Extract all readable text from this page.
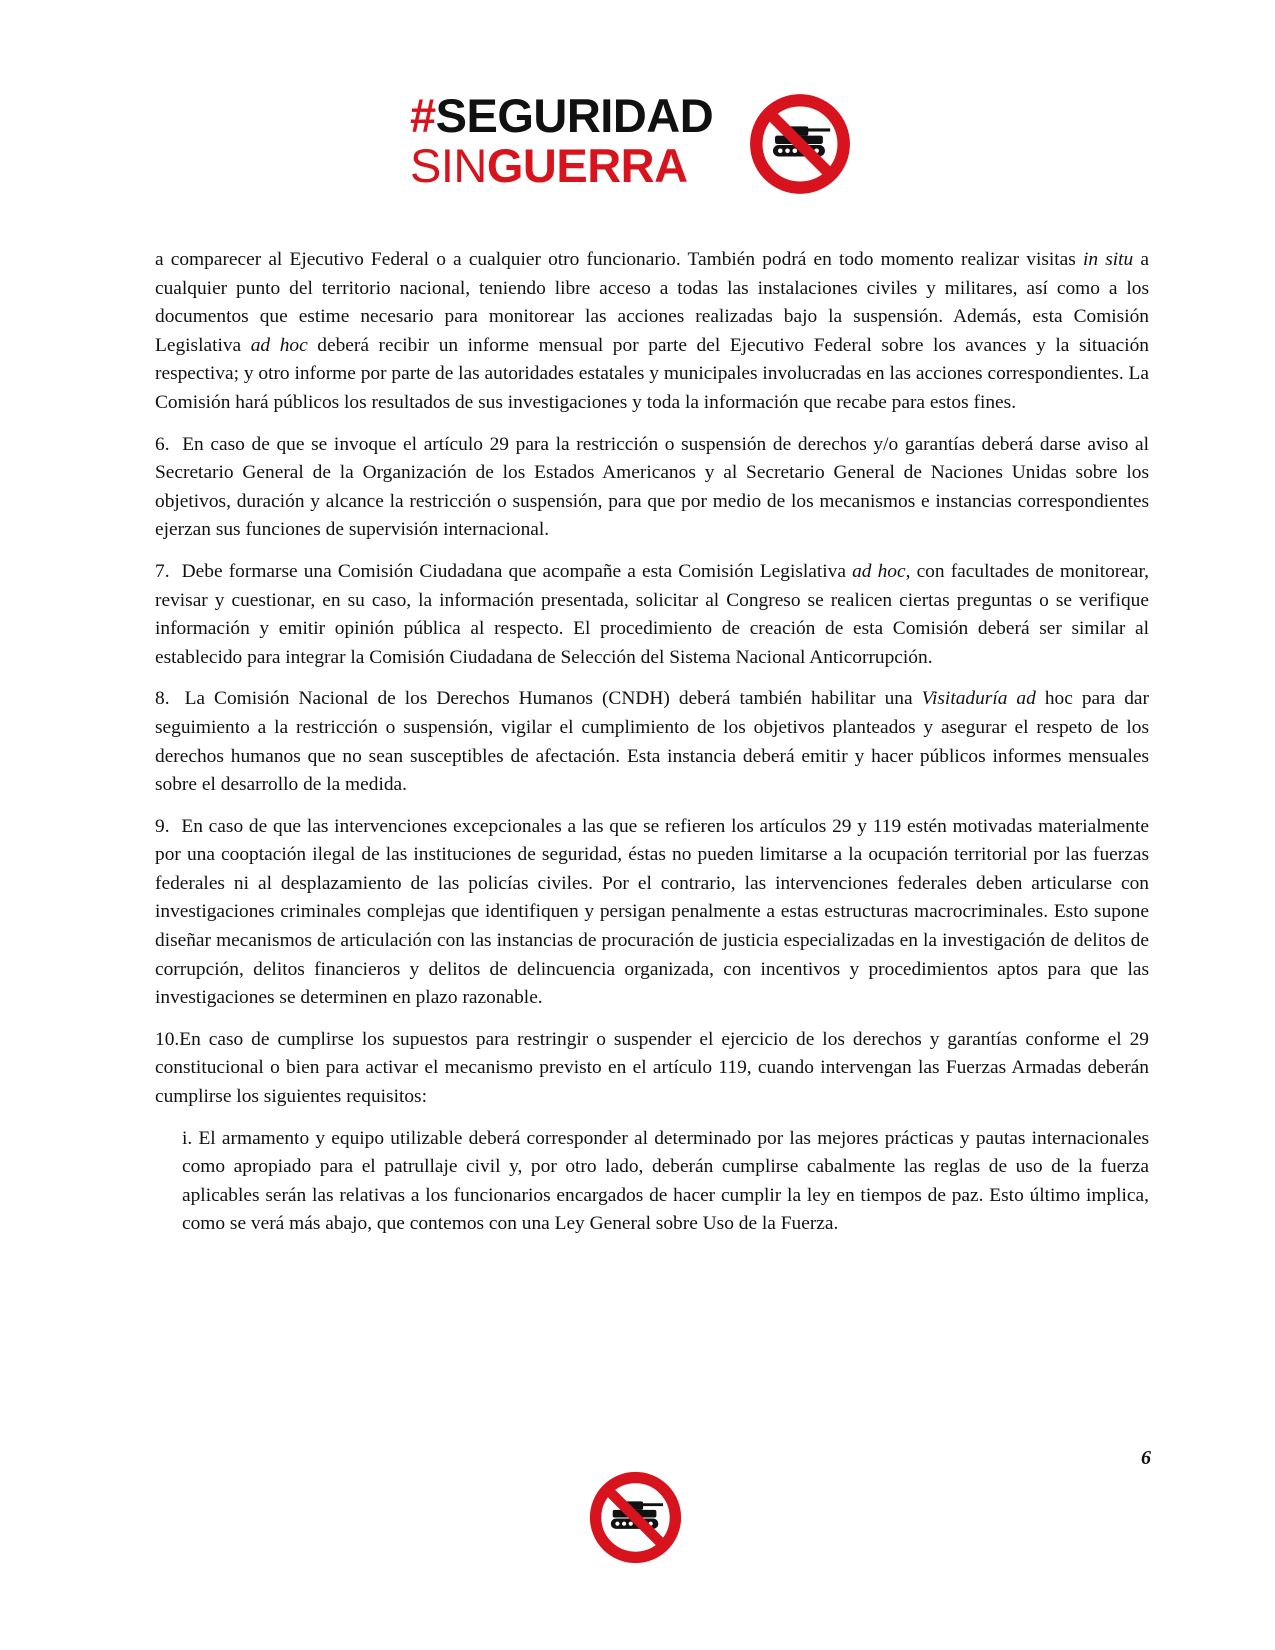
#SEGURIDAD
SINGUERRA

a comparecer al Ejecutivo Federal o a cualquier otro funcionario. También podrá en todo momento realizar visitas in situ a cualquier punto del territorio nacional, teniendo libre acceso a todas las instalaciones civiles y militares, así como a los documentos que estime necesario para monitorear las acciones realizadas bajo la suspensión. Además, esta Comisión Legislativa ad hoc deberá recibir un informe mensual por parte del Ejecutivo Federal sobre los avances y la situación respectiva; y otro informe por parte de las autoridades estatales y municipales involucradas en las acciones correspondientes. La Comisión hará públicos los resultados de sus investigaciones y toda la información que recabe para estos fines.

6. En caso de que se invoque el artículo 29 para la restricción o suspensión de derechos y/o garantías deberá darse aviso al Secretario General de la Organización de los Estados Americanos y al Secretario General de Naciones Unidas sobre los objetivos, duración y alcance la restricción o suspensión, para que por medio de los mecanismos e instancias correspondientes ejerzan sus funciones de supervisión internacional.

7. Debe formarse una Comisión Ciudadana que acompañe a esta Comisión Legislativa ad hoc, con facultades de monitorear, revisar y cuestionar, en su caso, la información presentada, solicitar al Congreso se realicen ciertas preguntas o se verifique información y emitir opinión pública al respecto. El procedimiento de creación de esta Comisión deberá ser similar al establecido para integrar la Comisión Ciudadana de Selección del Sistema Nacional Anticorrupción.

8. La Comisión Nacional de los Derechos Humanos (CNDH) deberá también habilitar una Visitaduría ad hoc para dar seguimiento a la restricción o suspensión, vigilar el cumplimiento de los objetivos planteados y asegurar el respeto de los derechos humanos que no sean susceptibles de afectación. Esta instancia deberá emitir y hacer públicos informes mensuales sobre el desarrollo de la medida.

9. En caso de que las intervenciones excepcionales a las que se refieren los artículos 29 y 119 estén motivadas materialmente por una cooptación ilegal de las instituciones de seguridad, éstas no pueden limitarse a la ocupación territorial por las fuerzas federales ni al desplazamiento de las policías civiles. Por el contrario, las intervenciones federales deben articularse con investigaciones criminales complejas que identifiquen y persigan penalmente a estas estructuras macrocriminales. Esto supone diseñar mecanismos de articulación con las instancias de procuración de justicia especializadas en la investigación de delitos de corrupción, delitos financieros y delitos de delincuencia organizada, con incentivos y procedimientos aptos para que las investigaciones se determinen en plazo razonable.

10.En caso de cumplirse los supuestos para restringir o suspender el ejercicio de los derechos y garantías conforme el 29 constitucional o bien para activar el mecanismo previsto en el artículo 119, cuando intervengan las Fuerzas Armadas deberán cumplirse los siguientes requisitos:

i. El armamento y equipo utilizable deberá corresponder al determinado por las mejores prácticas y pautas internacionales como apropiado para el patrullaje civil y, por otro lado, deberán cumplirse cabalmente las reglas de uso de la fuerza aplicables serán las relativas a los funcionarios encargados de hacer cumplir la ley en tiempos de paz. Esto último implica, como se verá más abajo, que contemos con una Ley General sobre Uso de la Fuerza.

6
